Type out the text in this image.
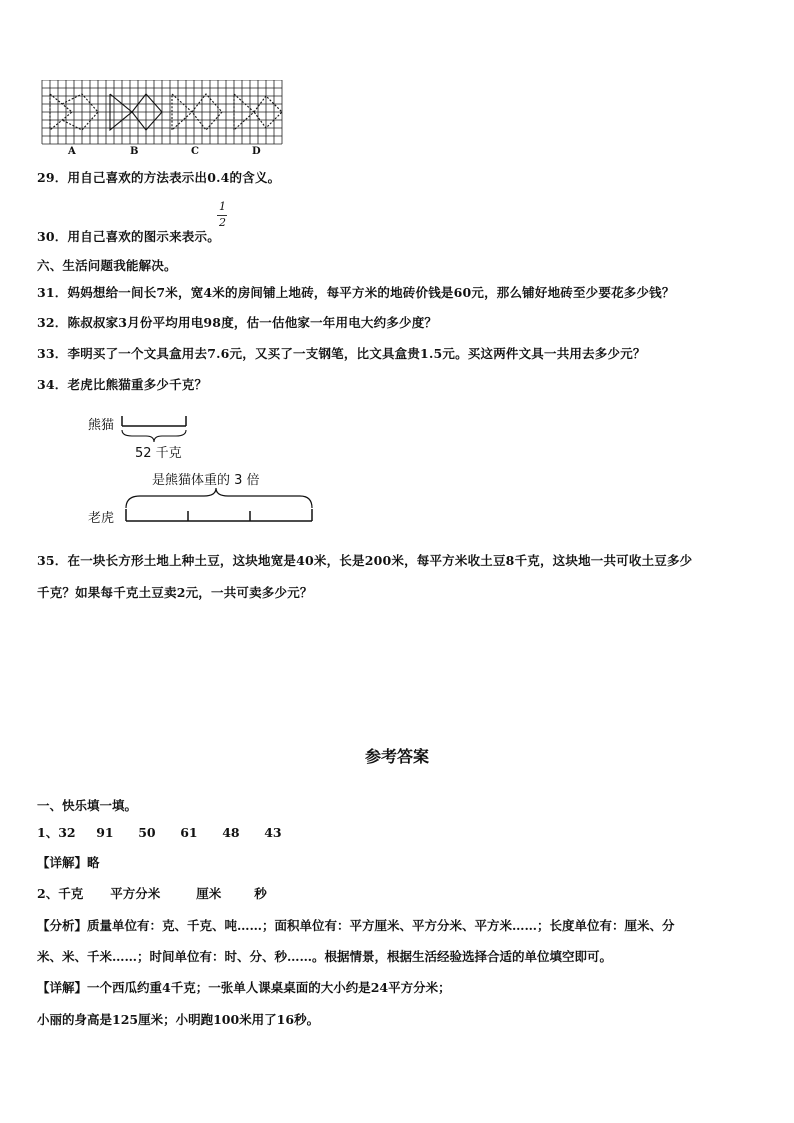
A	B	C	D
29．用自己喜欢的方法表示出0.4的含义。
30．用自己喜欢的图示来表示。
1
2
六、生活问题我能解决。
31．妈妈想给一间长7米，宽4米的房间铺上地砖，每平方米的地砖价钱是60元，那么铺好地砖至少要花多少钱？
32．陈叔叔家3月份平均用电98度，估一估他家一年用电大约多少度？
33．李明买了一个文具盒用去7.6元，又买了一支钢笔，比文具盒贵1.5元。买这两件文具一共用去多少元？
34．老虎比熊猫重多少千克？
熊猫
52 千克
是熊猫体重的 3 倍
老虎
35．在一块长方形土地上种土豆，这块地宽是40米，长是200米，每平方米收土豆8千克，这块地一共可收土豆多少
千克？如果每千克土豆卖2元，一共可卖多少元？
参考答案
一、快乐填一填。
1、32 91 50 61 48 43
【详解】略
2、千克 平方分米	厘米	秒
【分析】质量单位有：克、千克、吨……；面积单位有：平方厘米、平方分米、平方米……；长度单位有：厘米、分
米、米、千米……；时间单位有：时、分、秒……。根据情景，根据生活经验选择合适的单位填空即可。
【详解】一个西瓜约重4千克；一张单人课桌桌面的大小约是24平方分米；
小丽的身高是125厘米；小明跑100米用了16秒。
